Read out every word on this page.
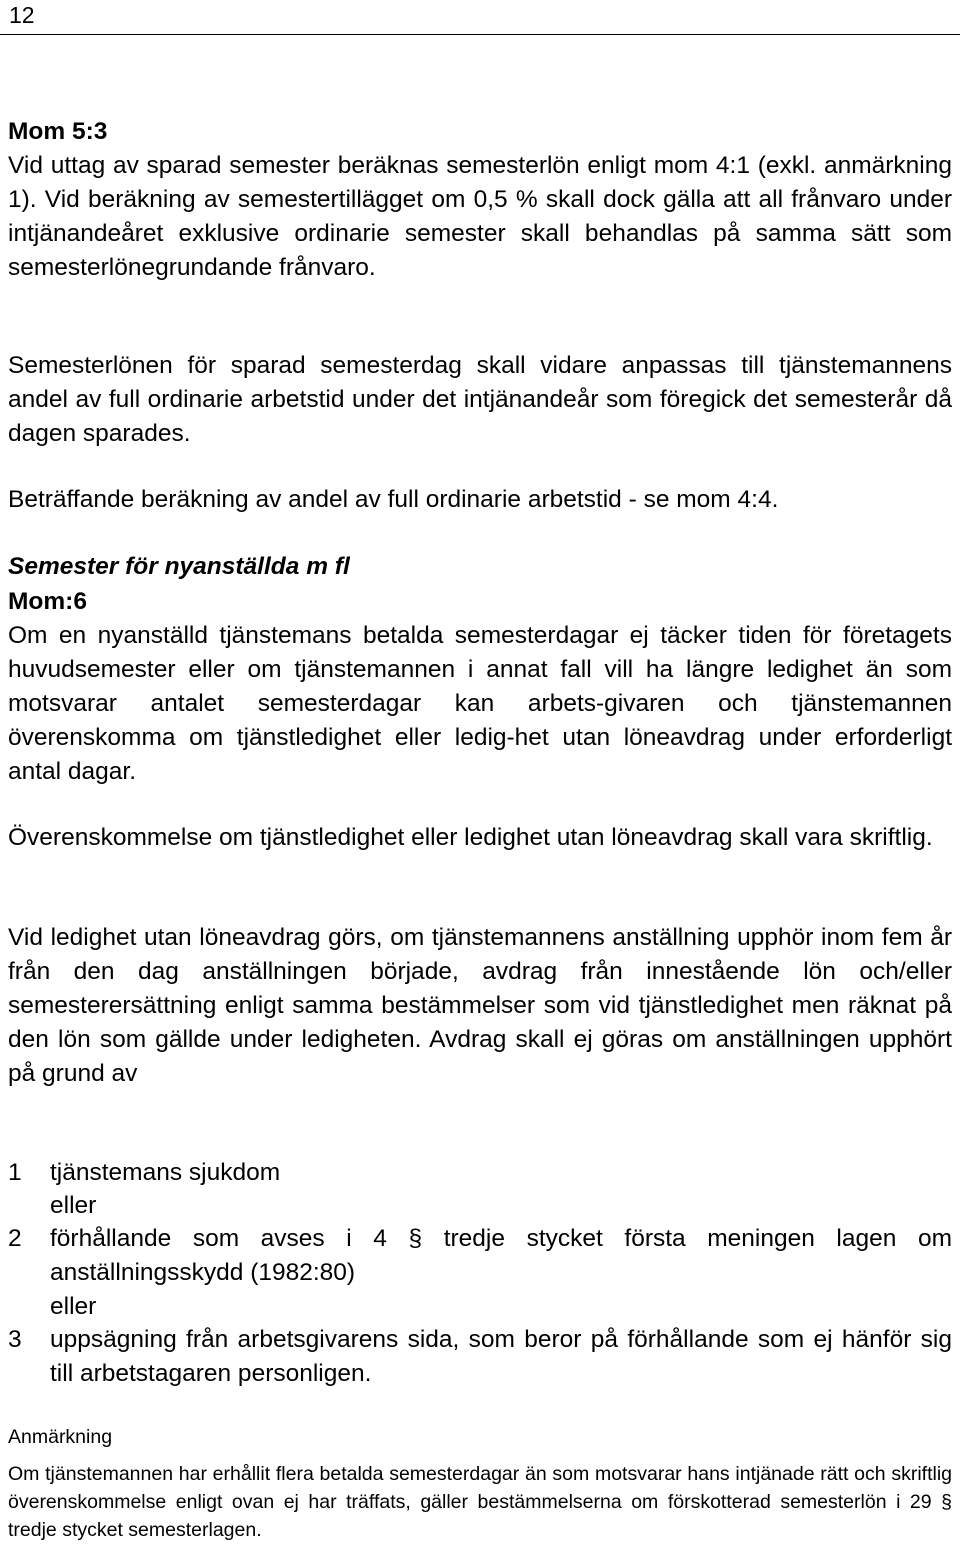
12
Mom 5:3
Vid uttag av sparad semester beräknas semesterlön enligt mom 4:1 (exkl. anmärkning 1). Vid beräkning av semestertillägget om 0,5 % skall dock gälla att all frånvaro under intjänandeåret exklusive ordinarie semester skall behandlas på samma sätt som semesterlönegrundande frånvaro.
Semesterlönen för sparad semesterdag skall vidare anpassas till tjänstemannens andel av full ordinarie arbetstid under det intjänandeår som föregick det semesterår då dagen sparades.
Beträffande beräkning av andel av full ordinarie arbetstid - se mom 4:4.
Semester för nyanställda m fl
Mom:6
Om en nyanställd tjänstemans betalda semesterdagar ej täcker tiden för företagets huvudsemester eller om tjänstemannen i annat fall vill ha längre ledighet än som motsvarar antalet semesterdagar kan arbets-givaren och tjänstemannen överenskomma om tjänstledighet eller ledig-het utan löneavdrag under erforderligt antal dagar.
Överenskommelse om tjänstledighet eller ledighet utan löneavdrag skall vara skriftlig.
Vid ledighet utan löneavdrag görs, om tjänstemannens anställning upphör inom fem år från den dag anställningen började, avdrag från innestående lön och/eller semesterersättning enligt samma bestämmelser som vid tjänstledighet men räknat på den lön som gällde under ledigheten. Avdrag skall ej göras om anställningen upphört på grund av
1 tjänstemans sjukdom
eller
2 förhållande som avses i 4 § tredje stycket första meningen lagen om anställningsskydd (1982:80)
eller
3 uppsägning från arbetsgivarens sida, som beror på förhållande som ej hänför sig till arbetstagaren personligen.
Anmärkning
Om tjänstemannen har erhållit flera betalda semesterdagar än som motsvarar hans intjänade rätt och skriftlig överenskommelse enligt ovan ej har träffats, gäller bestämmelserna om förskotterad semesterlön i 29 § tredje stycket semesterlagen.
